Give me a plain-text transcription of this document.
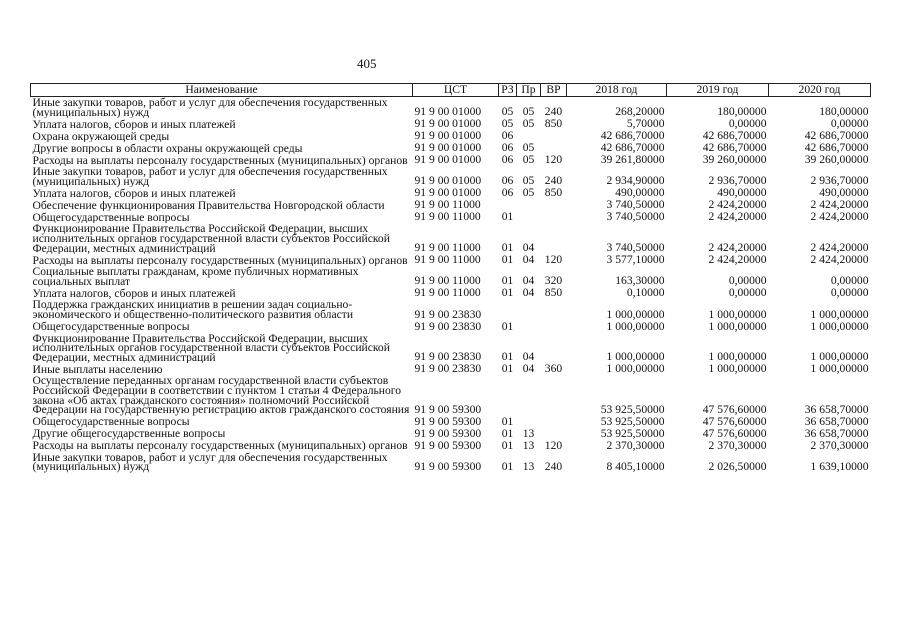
405
Наименование	ЦСТ	РЗ	Пр	ВР	2018 год	2019 год	2020 год
Иные закупки товаров, работ и услуг для обеспечения государственных (муниципальных) нужд	91 9 00 01000	05	05	240	268,20000	180,00000	180,00000
Уплата налогов, сборов и иных платежей	91 9 00 01000	05	05	850	5,70000	0,00000	0,00000
Охрана окружающей среды	91 9 00 01000	06			42 686,70000	42 686,70000	42 686,70000
Другие вопросы в области охраны окружающей среды	91 9 00 01000	06	05		42 686,70000	42 686,70000	42 686,70000
Расходы на выплаты персоналу государственных (муниципальных) органов	91 9 00 01000	06	05	120	39 261,80000	39 260,00000	39 260,00000
Иные закупки товаров, работ и услуг для обеспечения государственных (муниципальных) нужд	91 9 00 01000	06	05	240	2 934,90000	2 936,70000	2 936,70000
Уплата налогов, сборов и иных платежей	91 9 00 01000	06	05	850	490,00000	490,00000	490,00000
Обеспечение функционирования Правительства Новгородской области	91 9 00 11000				3 740,50000	2 424,20000	2 424,20000
Общегосударственные вопросы	91 9 00 11000	01			3 740,50000	2 424,20000	2 424,20000
Функционирование Правительства Российской Федерации, высших исполнительных органов государственной власти субъектов Российской Федерации, местных администраций	91 9 00 11000	01	04		3 740,50000	2 424,20000	2 424,20000
Расходы на выплаты персоналу государственных (муниципальных) органов	91 9 00 11000	01	04	120	3 577,10000	2 424,20000	2 424,20000
Социальные выплаты гражданам, кроме публичных нормативных социальных выплат	91 9 00 11000	01	04	320	163,30000	0,00000	0,00000
Уплата налогов, сборов и иных платежей	91 9 00 11000	01	04	850	0,10000	0,00000	0,00000
Поддержка гражданских инициатив в решении задач социально-экономического и общественно-политического развития области	91 9 00 23830				1 000,00000	1 000,00000	1 000,00000
Общегосударственные вопросы	91 9 00 23830	01			1 000,00000	1 000,00000	1 000,00000
Функционирование Правительства Российской Федерации, высших исполнительных органов государственной власти субъектов Российской Федерации, местных администраций	91 9 00 23830	01	04		1 000,00000	1 000,00000	1 000,00000
Иные выплаты населению	91 9 00 23830	01	04	360	1 000,00000	1 000,00000	1 000,00000
Осуществление переданных органам государственной власти субъектов Российской Федерации в соответствии с пунктом 1 статьи 4 Федерального закона «Об актах гражданского состояния» полномочий Российской Федерации на государственную регистрацию актов гражданского состояния	91 9 00 59300				53 925,50000	47 576,60000	36 658,70000
Общегосударственные вопросы	91 9 00 59300	01			53 925,50000	47 576,60000	36 658,70000
Другие общегосударственные вопросы	91 9 00 59300	01	13		53 925,50000	47 576,60000	36 658,70000
Расходы на выплаты персоналу государственных (муниципальных) органов	91 9 00 59300	01	13	120	2 370,30000	2 370,30000	2 370,30000
Иные закупки товаров, работ и услуг для обеспечения государственных (муниципальных) нужд	91 9 00 59300	01	13	240	8 405,10000	2 026,50000	1 639,10000
